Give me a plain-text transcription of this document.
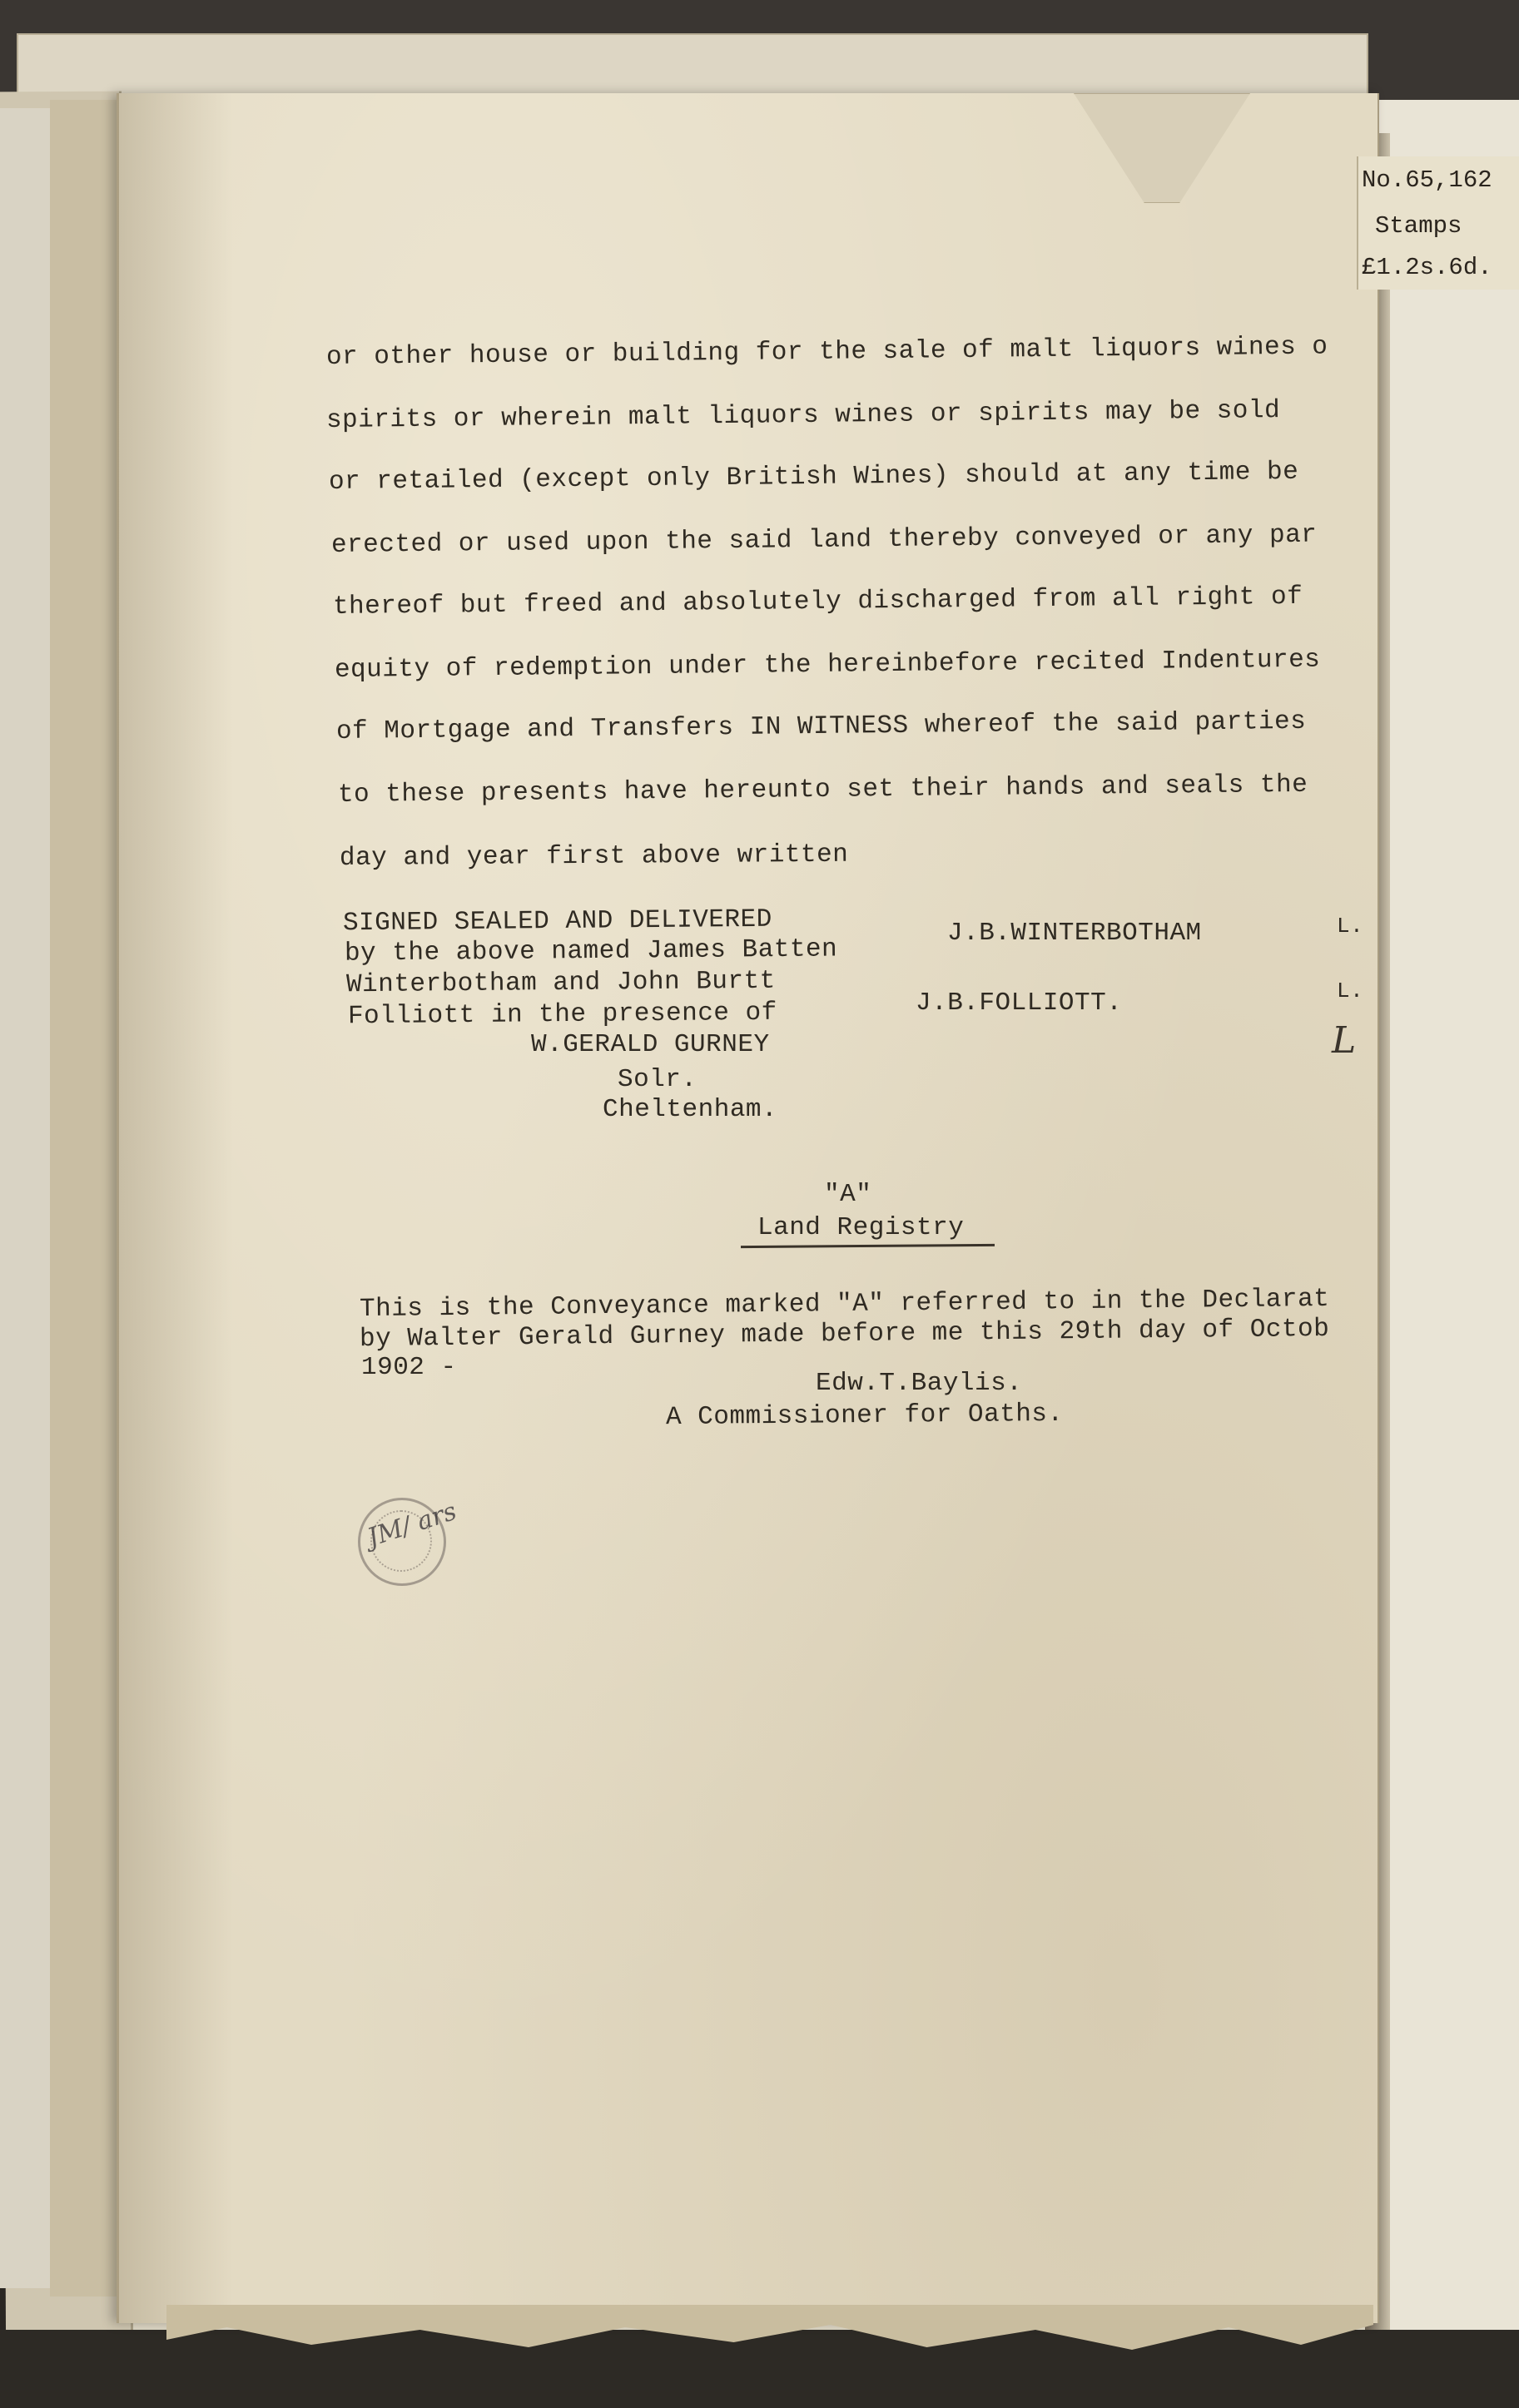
No.65,162
Stamps
£1.2s.6d.
or other house or building for the sale of malt liquors wines o
spirits or wherein malt liquors wines or spirits may be sold
or retailed (except only British Wines) should at any time be
erected or used upon the said land thereby conveyed or any par
thereof but freed and absolutely discharged from all right of
equity of redemption under the hereinbefore recited Indentures
of Mortgage and Transfers IN WITNESS whereof the said parties
to these presents have hereunto set their hands and seals the
day and year first above written
SIGNED SEALED AND DELIVERED
by the above named James Batten
Winterbotham and John Burtt
Folliott in the presence of
W.GERALD GURNEY
Solr.
Cheltenham.
J.B.WINTERBOTHAM
J.B.FOLLIOTT.
L.
L.
L
"A"
Land Registry
This is the Conveyance marked "A" referred to in the Declarat
by Walter Gerald Gurney made before me this 29th day of Octob
1902 -
Edw.T.Baylis.
A Commissioner for Oaths.
JM/ ars
